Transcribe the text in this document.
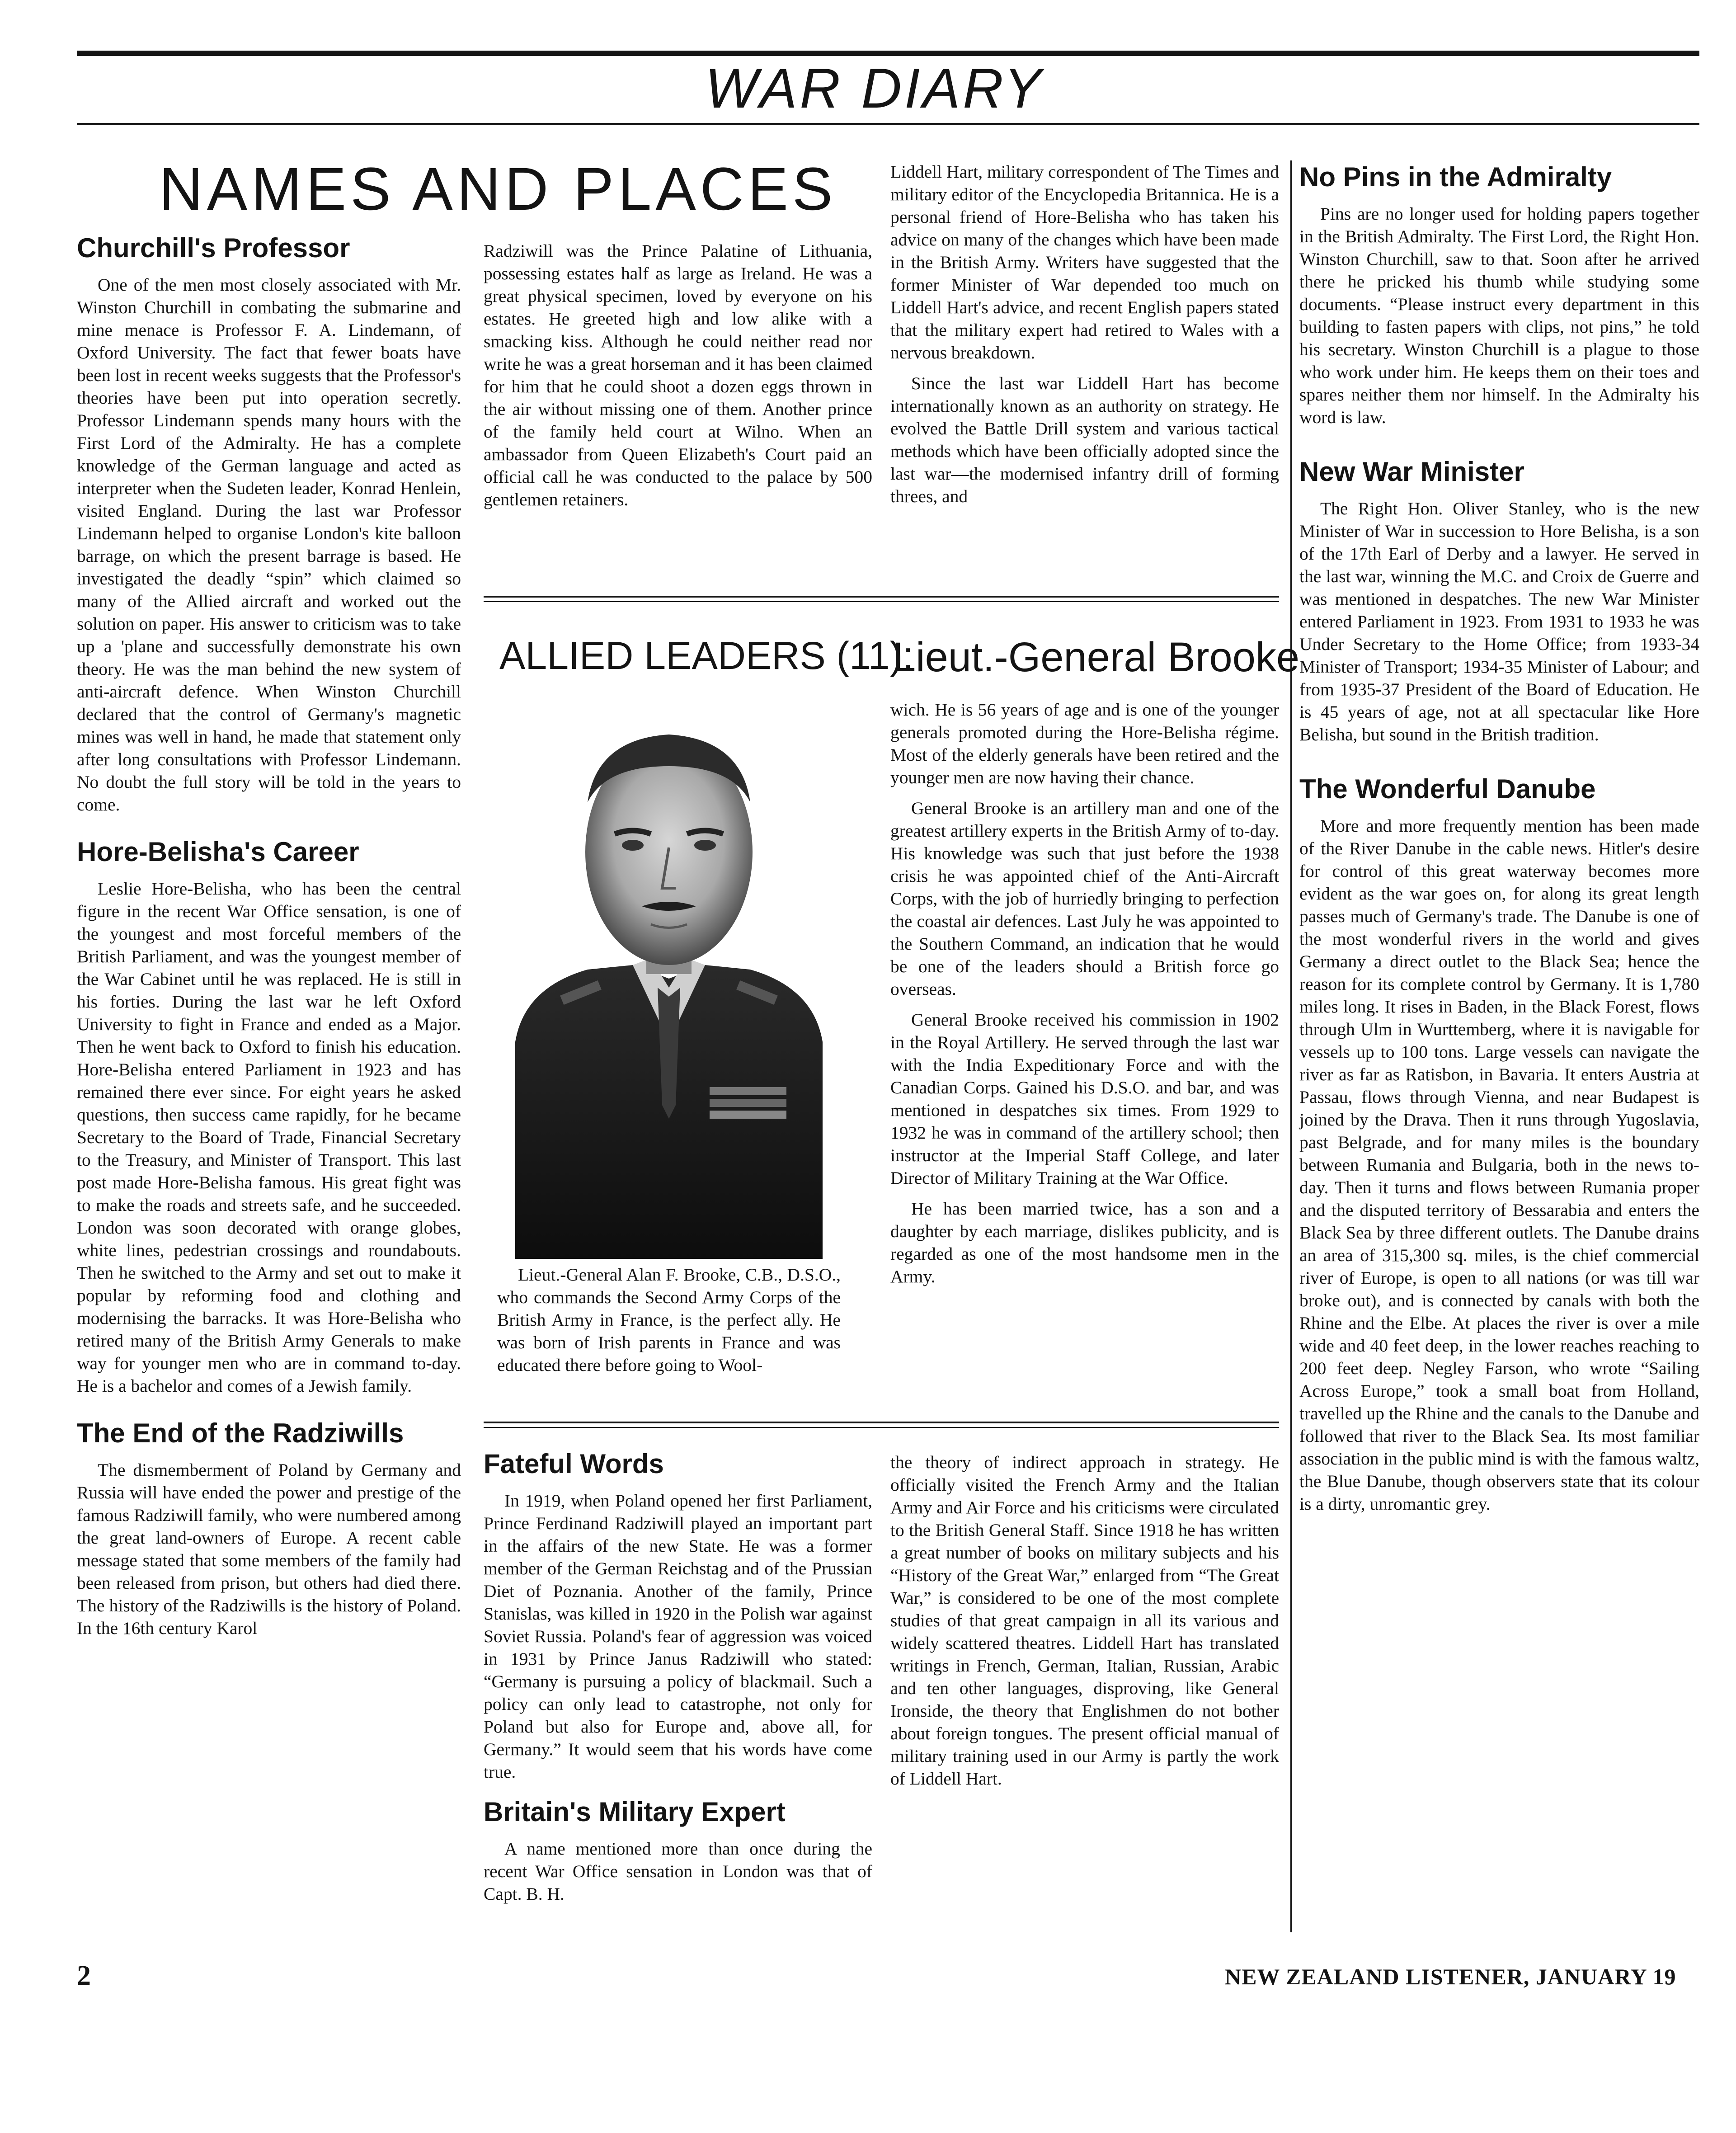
WAR DIARY
NAMES AND PLACES
Churchill's Professor

One of the men most closely associated with Mr. Winston Churchill in combating the submarine and mine menace is Professor F. A. Lindemann, of Oxford University. The fact that fewer boats have been lost in recent weeks suggests that the Professor's theories have been put into operation secretly. Professor Lindemann spends many hours with the First Lord of the Admiralty. He has a complete knowledge of the German language and acted as interpreter when the Sudeten leader, Konrad Henlein, visited England. During the last war Professor Lindemann helped to organise London's kite balloon barrage, on which the present barrage is based. He investigated the deadly “spin” which claimed so many of the Allied aircraft and worked out the solution on paper. His answer to criticism was to take up a 'plane and successfully demonstrate his own theory. He was the man behind the new system of anti-aircraft defence. When Winston Churchill declared that the control of Germany's magnetic mines was well in hand, he made that statement only after long consultations with Professor Lindemann. No doubt the full story will be told in the years to come.

Hore-Belisha's Career

Leslie Hore-Belisha, who has been the central figure in the recent War Office sensation, is one of the youngest and most forceful members of the British Parliament, and was the youngest member of the War Cabinet until he was replaced. He is still in his forties. During the last war he left Oxford University to fight in France and ended as a Major. Then he went back to Oxford to finish his education. Hore-Belisha entered Parliament in 1923 and has remained there ever since. For eight years he asked questions, then success came rapidly, for he became Secretary to the Board of Trade, Financial Secretary to the Treasury, and Minister of Transport. This last post made Hore-Belisha famous. His great fight was to make the roads and streets safe, and he succeeded. London was soon decorated with orange globes, white lines, pedestrian crossings and roundabouts. Then he switched to the Army and set out to make it popular by reforming food and clothing and modernising the barracks. It was Hore-Belisha who retired many of the British Army Generals to make way for younger men who are in command to-day. He is a bachelor and comes of a Jewish family.

The End of the Radziwills

The dismemberment of Poland by Germany and Russia will have ended the power and prestige of the famous Radziwill family, who were numbered among the great land-owners of Europe. A recent cable message stated that some members of the family had been released from prison, but others had died there. The history of the Radziwills is the history of Poland. In the 16th century Karol

Radziwill was the Prince Palatine of Lithuania, possessing estates half as large as Ireland. He was a great physical specimen, loved by everyone on his estates. He greeted high and low alike with a smacking kiss. Although he could neither read nor write he was a great horseman and it has been claimed for him that he could shoot a dozen eggs thrown in the air without missing one of them. Another prince of the family held court at Wilno. When an ambassador from Queen Elizabeth's Court paid an official call he was conducted to the palace by 500 gentlemen retainers.

Liddell Hart, military correspondent of The Times and military editor of the Encyclopedia Britannica. He is a personal friend of Hore-Belisha who has taken his advice on many of the changes which have been made in the British Army. Writers have suggested that the former Minister of War depended too much on Liddell Hart's advice, and recent English papers stated that the military expert had retired to Wales with a nervous breakdown.

Since the last war Liddell Hart has become internationally known as an authority on strategy. He evolved the Battle Drill system and various tactical methods which have been officially adopted since the last war—the modernised infantry drill of forming threes, and

No Pins in the Admiralty

Pins are no longer used for holding papers together in the British Admiralty. The First Lord, the Right Hon. Winston Churchill, saw to that. Soon after he arrived there he pricked his thumb while studying some documents. “Please instruct every department in this building to fasten papers with clips, not pins,” he told his secretary. Winston Churchill is a plague to those who work under him. He keeps them on their toes and spares neither them nor himself. In the Admiralty his word is law.

New War Minister

The Right Hon. Oliver Stanley, who is the new Minister of War in succession to Hore Belisha, is a son of the 17th Earl of Derby and a lawyer. He served in the last war, winning the M.C. and Croix de Guerre and was mentioned in despatches. The new War Minister entered Parliament in 1923. From 1931 to 1933 he was Under Secretary to the Home Office; from 1933-34 Minister of Transport; 1934-35 Minister of Labour; and from 1935-37 President of the Board of Education. He is 45 years of age, not at all spectacular like Hore Belisha, but sound in the British tradition.

The Wonderful Danube

More and more frequently mention has been made of the River Danube in the cable news. Hitler's desire for control of this great waterway becomes more evident as the war goes on, for along its great length passes much of Germany's trade. The Danube is one of the most wonderful rivers in the world and gives Germany a direct outlet to the Black Sea; hence the reason for its complete control by Germany. It is 1,780 miles long. It rises in Baden, in the Black Forest, flows through Ulm in Wurttemberg, where it is navigable for vessels up to 100 tons. Large vessels can navigate the river as far as Ratisbon, in Bavaria. It enters Austria at Passau, flows through Vienna, and near Budapest is joined by the Drava. Then it runs through Yugoslavia, past Belgrade, and for many miles is the boundary between Rumania and Bulgaria, both in the news to-day. Then it turns and flows between Rumania proper and the disputed territory of Bessarabia and enters the Black Sea by three different outlets. The Danube drains an area of 315,300 sq. miles, is the chief commercial river of Europe, is open to all nations (or was till war broke out), and is connected by canals with both the Rhine and the Elbe. At places the river is over a mile wide and 40 feet deep, in the lower reaches reaching to 200 feet deep. Negley Farson, who wrote “Sailing Across Europe,” took a small boat from Holland, travelled up the Rhine and the canals to the Danube and followed that river to the Black Sea. Its most familiar association in the public mind is with the famous waltz, the Blue Danube, though observers state that its colour is a dirty, unromantic grey.

ALLIED LEADERS (11):
Lieut.-General Brooke

Lieut.-General Alan F. Brooke, C.B., D.S.O., who commands the Second Army Corps of the British Army in France, is the perfect ally. He was born of Irish parents in France and was educated there before going to Wool-

wich. He is 56 years of age and is one of the younger generals promoted during the Hore-Belisha régime. Most of the elderly generals have been retired and the younger men are now having their chance.

General Brooke is an artillery man and one of the greatest artillery experts in the British Army of to-day. His knowledge was such that just before the 1938 crisis he was appointed chief of the Anti-Aircraft Corps, with the job of hurriedly bringing to perfection the coastal air defences. Last July he was appointed to the Southern Command, an indication that he would be one of the leaders should a British force go overseas.

General Brooke received his commission in 1902 in the Royal Artillery. He served through the last war with the India Expeditionary Force and with the Canadian Corps. Gained his D.S.O. and bar, and was mentioned in despatches six times. From 1929 to 1932 he was in command of the artillery school; then instructor at the Imperial Staff College, and later Director of Military Training at the War Office.

He has been married twice, has a son and a daughter by each marriage, dislikes publicity, and is regarded as one of the most handsome men in the Army.

Fateful Words

In 1919, when Poland opened her first Parliament, Prince Ferdinand Radziwill played an important part in the affairs of the new State. He was a former member of the German Reichstag and of the Prussian Diet of Poznania. Another of the family, Prince Stanislas, was killed in 1920 in the Polish war against Soviet Russia. Poland's fear of aggression was voiced in 1931 by Prince Janus Radziwill who stated: “Germany is pursuing a policy of blackmail. Such a policy can only lead to catastrophe, not only for Poland but also for Europe and, above all, for Germany.” It would seem that his words have come true.

Britain's Military Expert

A name mentioned more than once during the recent War Office sensation in London was that of Capt. B. H.

the theory of indirect approach in strategy. He officially visited the French Army and the Italian Army and Air Force and his criticisms were circulated to the British General Staff. Since 1918 he has written a great number of books on military subjects and his “History of the Great War,” enlarged from “The Great War,” is considered to be one of the most complete studies of that great campaign in all its various and widely scattered theatres. Liddell Hart has translated writings in French, German, Italian, Russian, Arabic and ten other languages, disproving, like General Ironside, the theory that Englishmen do not bother about foreign tongues. The present official manual of military training used in our Army is partly the work of Liddell Hart.

2	NEW ZEALAND LISTENER, JANUARY 19
